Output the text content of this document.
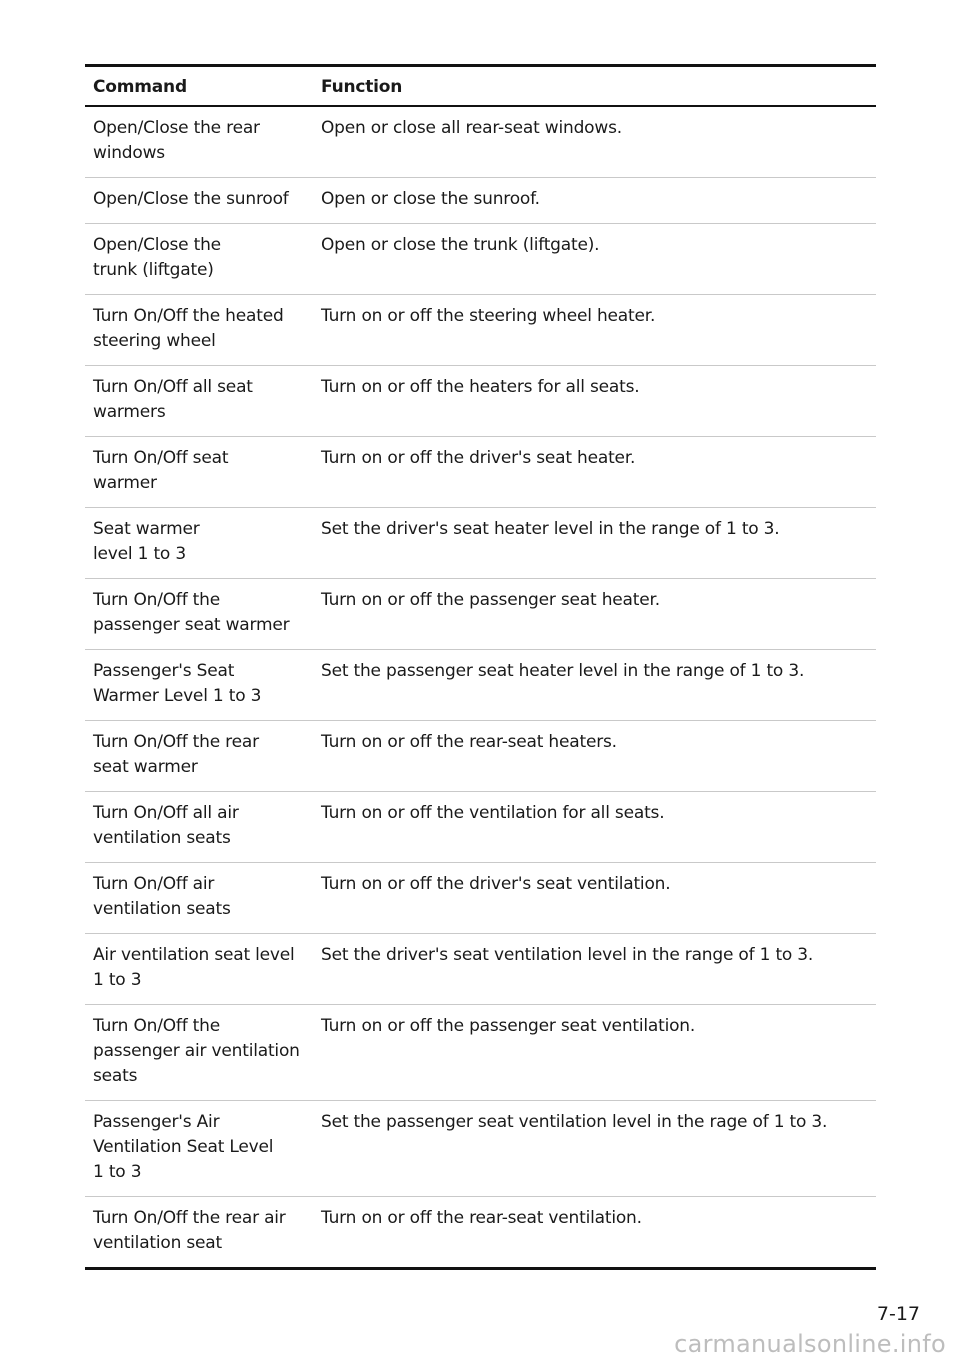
Command	Function
Open/Close the rear
windows	Open or close all rear-seat windows.
Open/Close the sunroof	Open or close the sunroof.
Open/Close the
trunk (liftgate)	Open or close the trunk (liftgate).
Turn On/Off the heated
steering wheel	Turn on or off the steering wheel heater.
Turn On/Off all seat
warmers	Turn on or off the heaters for all seats.
Turn On/Off seat
warmer	Turn on or off the driver's seat heater.
Seat warmer
level 1 to 3	Set the driver's seat heater level in the range of 1 to 3.
Turn On/Off the
passenger seat warmer	Turn on or off the passenger seat heater.
Passenger's Seat
Warmer Level 1 to 3	Set the passenger seat heater level in the range of 1 to 3.
Turn On/Off the rear
seat warmer	Turn on or off the rear-seat heaters.
Turn On/Off all air
ventilation seats	Turn on or off the ventilation for all seats.
Turn On/Off air
ventilation seats	Turn on or off the driver's seat ventilation.
Air ventilation seat level
1 to 3	Set the driver's seat ventilation level in the range of 1 to 3.
Turn On/Off the
passenger air ventilation
seats	Turn on or off the passenger seat ventilation.
Passenger's Air
Ventilation Seat Level
1 to 3	Set the passenger seat ventilation level in the rage of 1 to 3.
Turn On/Off the rear air
ventilation seat	Turn on or off the rear-seat ventilation.
7-17
carmanualsonline.info
